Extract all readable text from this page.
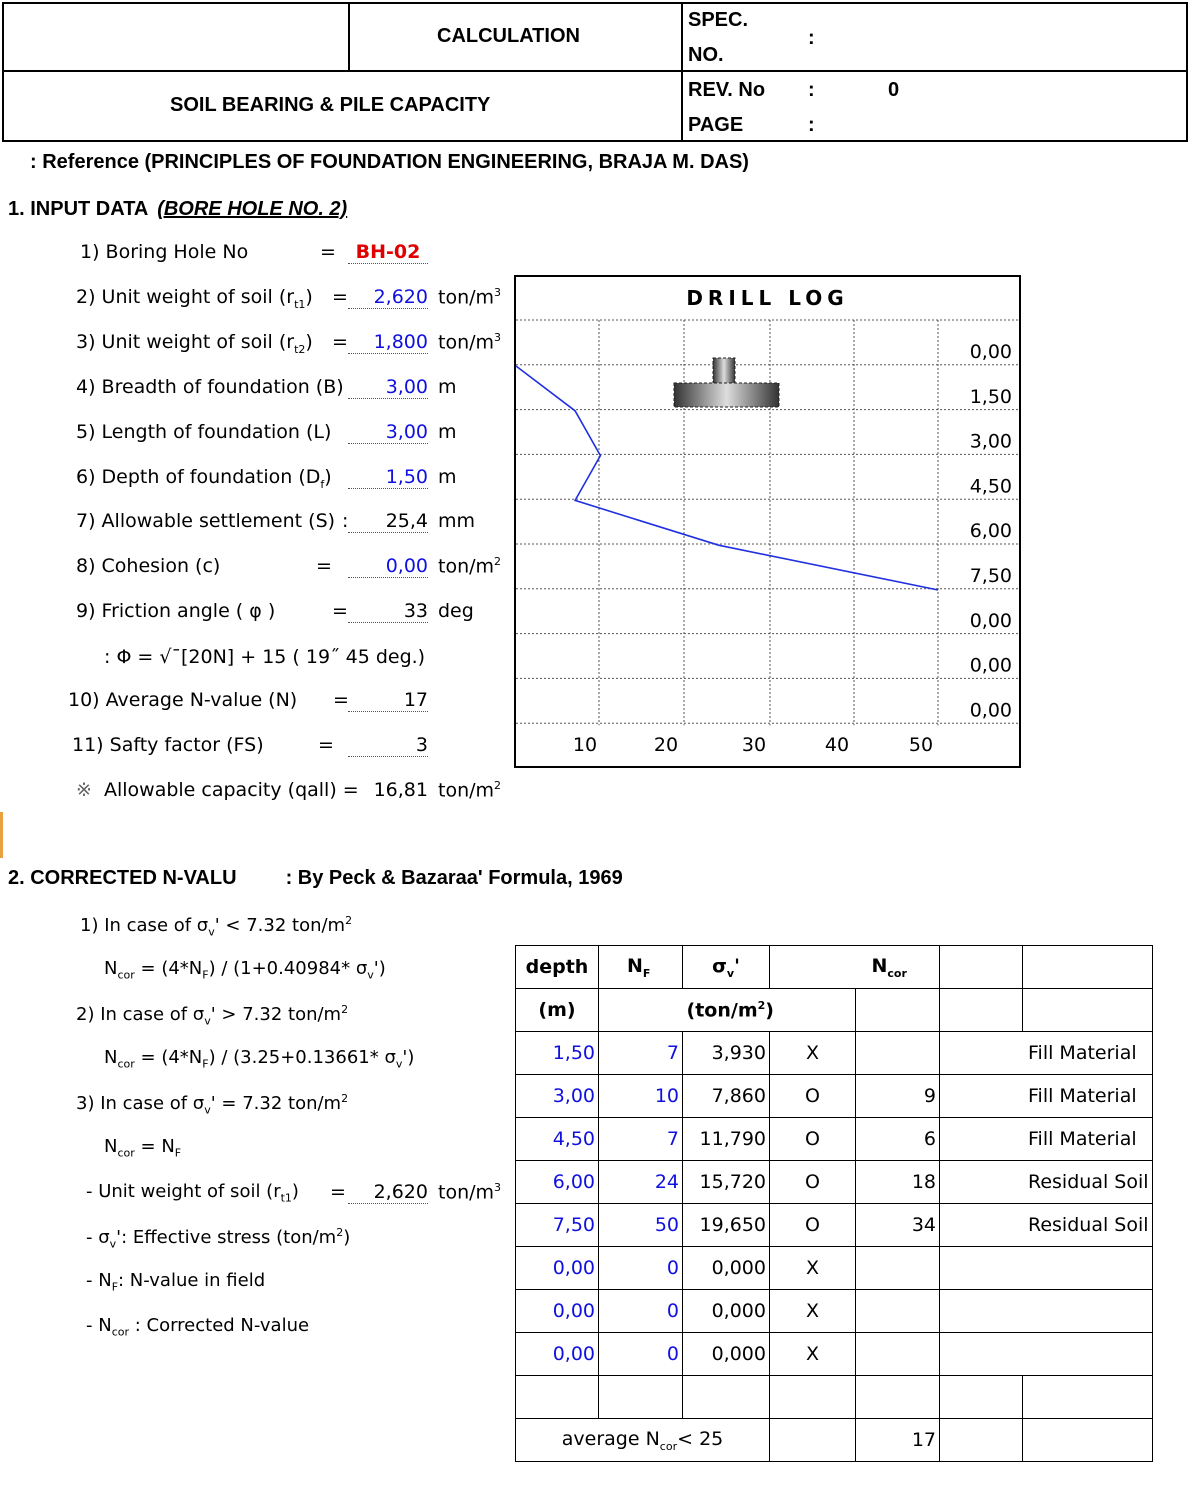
CALCULATION
SOIL BEARING & PILE CAPACITY
SPEC.
NO.
:
REV. No :	0
PAGE	:
: Reference (PRINCIPLES OF FOUNDATION ENGINEERING, BRAJA M. DAS)
1. INPUT DATA (BORE HOLE NO. 2)
1) Boring Hole No	=	BH-02
2) Unit weight of soil $(r_{t1})$ =	2,620 ton/$m^3$
3) Unit weight of soil $(r_{t2})$ =	1,800 ton/$m^3$
4) Breadth of foundation (B)	3,00 m
5) Length of foundation (L)	3,00 m
6) Depth of foundation $(D_f)$	1,50 m
7) Allowable settlement (S) :	25,4 mm
8) Cohesion (c)	=	0,00 ton/$m^2$
9) Friction angle ( φ )	=	33 deg
: Φ = √¯[20N] + 15 ( 19˝ 45 deg.)
10) Average N-value (N) =	17
11) Safty factor (FS)	=	3
※ Allowable capacity (qall) = 16,81 ton/$m^2$
DRILL LOG
0,00
1,50
3,00
4,50
6,00
7,50
0,00
0,00
0,00
10	20	30	40	50
2. CORRECTED N-VALU : By Peck & Bazaraa' Formula, 1969
1) In case of $\sigma_v' < 7.32$ ton/$m^2$
$N_{cor} = (4*N_F) / (1+0.40984*$ $\sigma_v'$)
2) In case of $\sigma_v' > 7.32$ ton/$m^2$
$N_{cor} = (4*N_F) / (3.25+0.13661*$ $\sigma_v'$)
3) In case of $\sigma_v' = 7.32$ ton/$m^2$
$N_{cor} = N_F$
- Unit weight of soil $(r_{t1})$ =	2,620 ton/$m^3$
- $\sigma_v'$: Effective stress $(ton/m^2)$
- $N_F$: N-value in field
- $N_{cor}$ : Corrected N-value
depth	$N_F$	$\sigma_v'$		$N_{cor}$		
(m)		$(ton/m^2)$				
1,50	7	3,930	X		Fill Material	
3,00	10	7,860	O	9	Fill Material	
4,50	7	11,790	O	6	Fill Material	
6,00	24	15,720	O	18	Residual Soil	
7,50	50	19,650	O	34	Residual Soil	
0,00	0	0,000	X			
0,00	0	0,000	X			
0,00	0	0,000	X			

average $N_{cor}< 25$				17		
